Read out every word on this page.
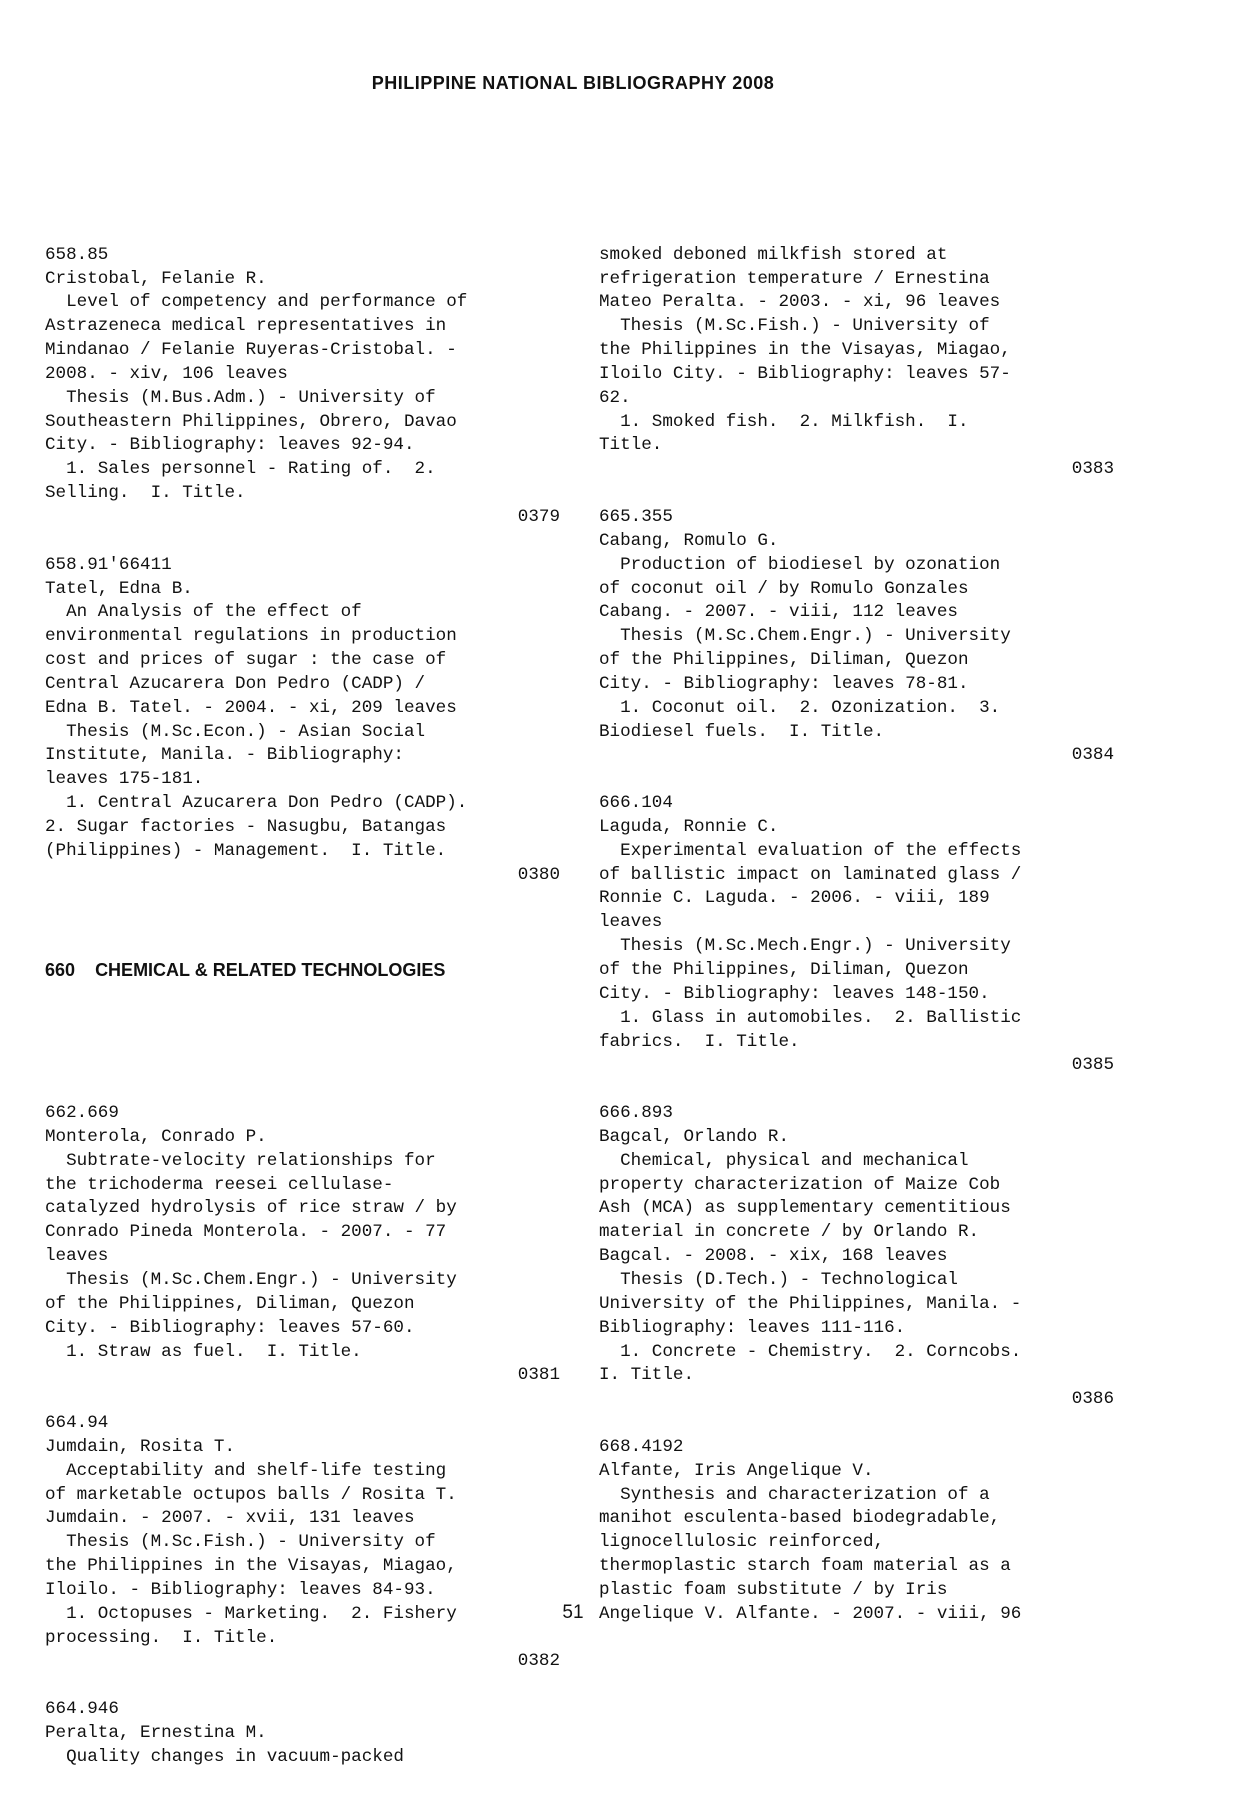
PHILIPPINE NATIONAL BIBLIOGRAPHY 2008

658.85
Cristobal, Felanie R.
Level of competency and performance of
Astrazeneca medical representatives in
Mindanao / Felanie Ruyeras-Cristobal. -
2008. - xiv, 106 leaves
Thesis (M.Bus.Adm.) - University of
Southeastern Philippines, Obrero, Davao
City. - Bibliography: leaves 92-94.
1. Sales personnel - Rating of.  2.
Selling.  I. Title.
0379
658.91'66411
Tatel, Edna B.
An Analysis of the effect of
environmental regulations in production
cost and prices of sugar : the case of
Central Azucarera Don Pedro (CADP) /
Edna B. Tatel. - 2004. - xi, 209 leaves
Thesis (M.Sc.Econ.) - Asian Social
Institute, Manila. - Bibliography:
leaves 175-181.
1. Central Azucarera Don Pedro (CADP).
2. Sugar factories - Nasugbu, Batangas
(Philippines) - Management.  I. Title.
0380

660 CHEMICAL & RELATED TECHNOLOGIES

662.669
Monterola, Conrado P.
Subtrate-velocity relationships for
the trichoderma reesei cellulase-
catalyzed hydrolysis of rice straw / by
Conrado Pineda Monterola. - 2007. - 77
leaves
Thesis (M.Sc.Chem.Engr.) - University
of the Philippines, Diliman, Quezon
City. - Bibliography: leaves 57-60.
1. Straw as fuel.  I. Title.
0381
664.94
Jumdain, Rosita T.
Acceptability and shelf-life testing
of marketable octupos balls / Rosita T.
Jumdain. - 2007. - xvii, 131 leaves
Thesis (M.Sc.Fish.) - University of
the Philippines in the Visayas, Miagao,
Iloilo. - Bibliography: leaves 84-93.
1. Octopuses - Marketing.  2. Fishery
processing.  I. Title.
0382
664.946
Peralta, Ernestina M.
Quality changes in vacuum-packed

smoked deboned milkfish stored at
refrigeration temperature / Ernestina
Mateo Peralta. - 2003. - xi, 96 leaves
Thesis (M.Sc.Fish.) - University of
the Philippines in the Visayas, Miagao,
Iloilo City. - Bibliography: leaves 57-
62.
1. Smoked fish.  2. Milkfish.  I.
Title.
0383
665.355
Cabang, Romulo G.
Production of biodiesel by ozonation
of coconut oil / by Romulo Gonzales
Cabang. - 2007. - viii, 112 leaves
Thesis (M.Sc.Chem.Engr.) - University
of the Philippines, Diliman, Quezon
City. - Bibliography: leaves 78-81.
1. Coconut oil.  2. Ozonization.  3.
Biodiesel fuels.  I. Title.
0384
666.104
Laguda, Ronnie C.
Experimental evaluation of the effects
of ballistic impact on laminated glass /
Ronnie C. Laguda. - 2006. - viii, 189
leaves
Thesis (M.Sc.Mech.Engr.) - University
of the Philippines, Diliman, Quezon
City. - Bibliography: leaves 148-150.
1. Glass in automobiles.  2. Ballistic
fabrics.  I. Title.
0385
666.893
Bagcal, Orlando R.
Chemical, physical and mechanical
property characterization of Maize Cob
Ash (MCA) as supplementary cementitious
material in concrete / by Orlando R.
Bagcal. - 2008. - xix, 168 leaves
Thesis (D.Tech.) - Technological
University of the Philippines, Manila. -
Bibliography: leaves 111-116.
1. Concrete - Chemistry.  2. Corncobs.
I. Title.
0386
668.4192
Alfante, Iris Angelique V.
Synthesis and characterization of a
manihot esculenta-based biodegradable,
lignocellulosic reinforced,
thermoplastic starch foam material as a
plastic foam substitute / by Iris
Angelique V. Alfante. - 2007. - viii, 96

51
